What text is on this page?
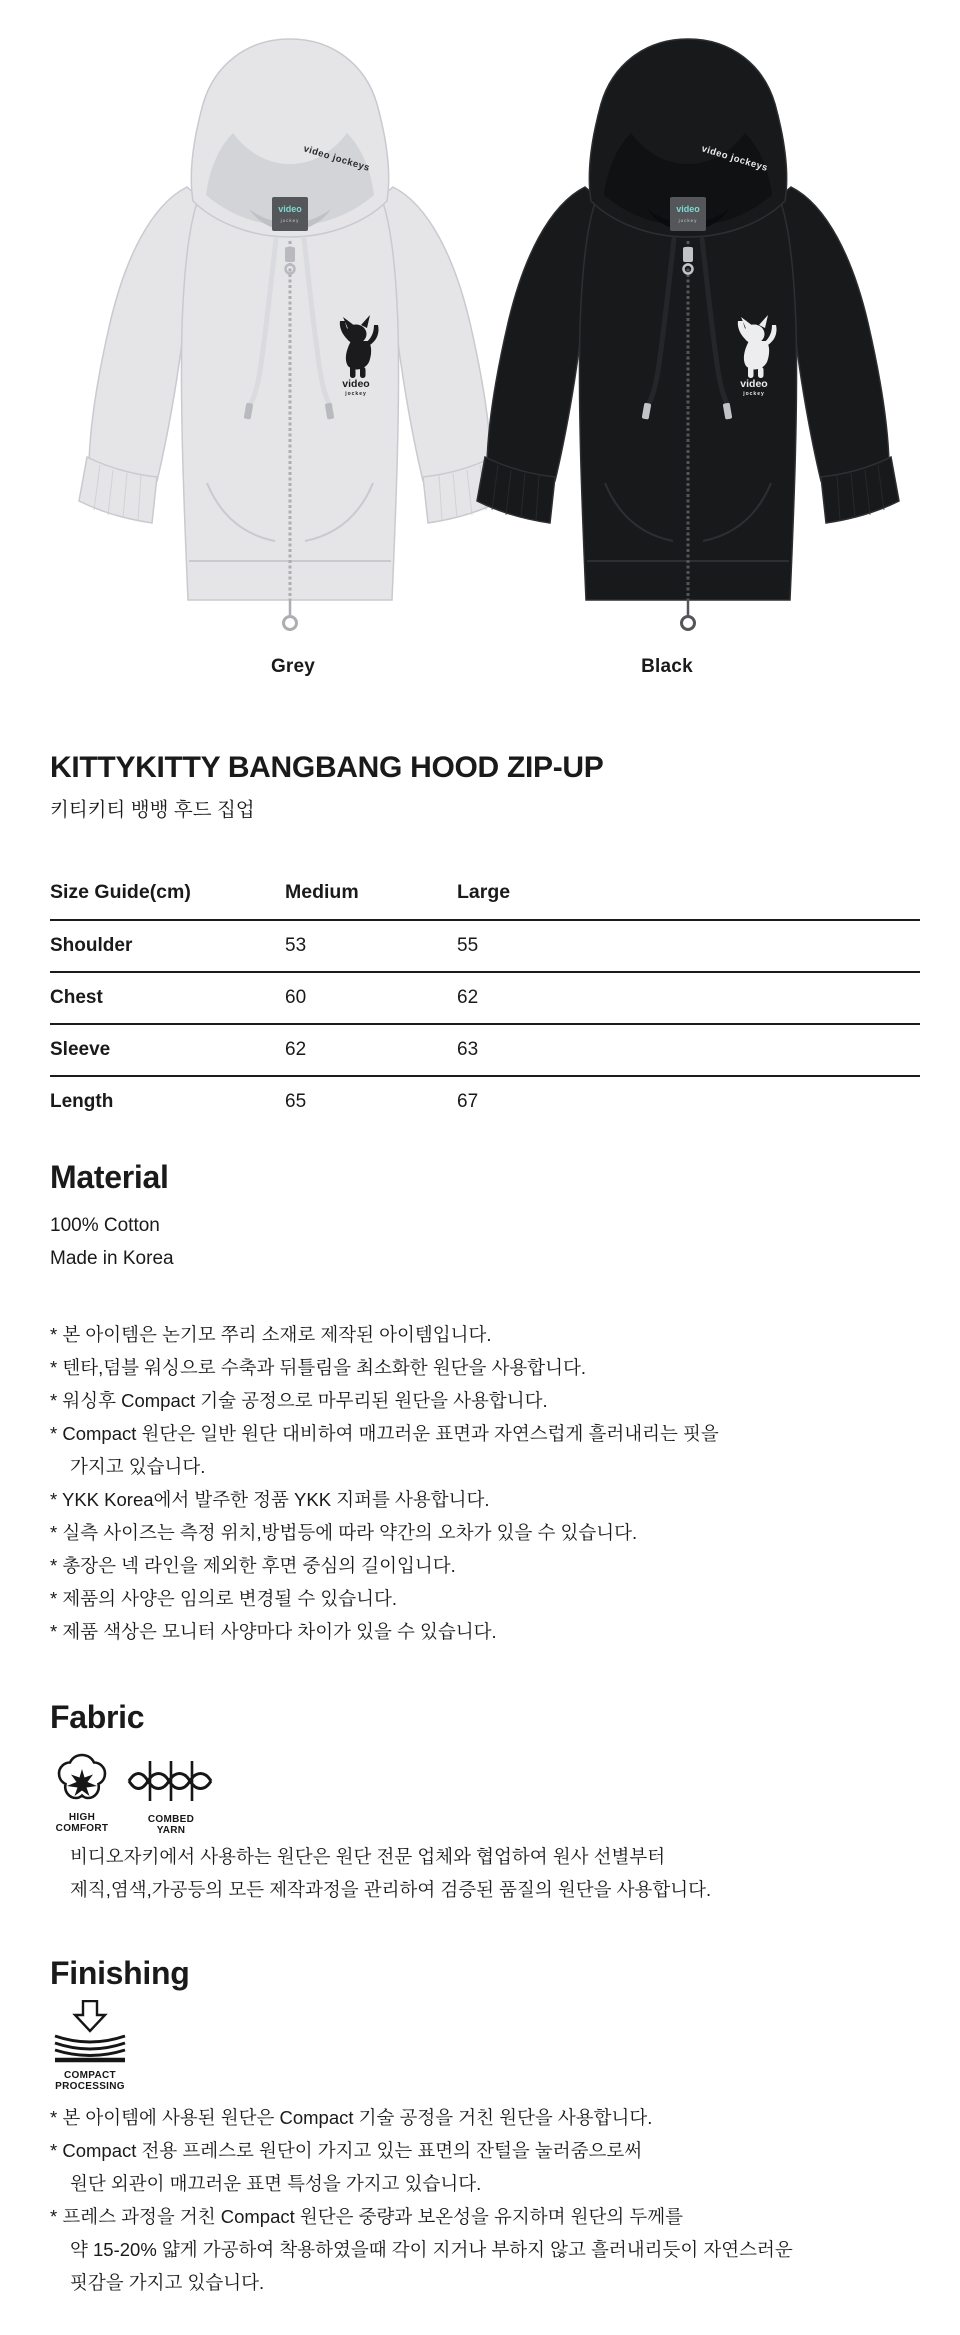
Grey	Black
KITTYKITTY BANGBANG HOOD ZIP-UP
키티키티 뱅뱅 후드 집업
Size Guide(cm)	Medium	Large
Shoulder	53	55
Chest	60	62
Sleeve	62	63
Length	65	67
Material

100% Cotton

Made in Korea

* 본 아이템은 논기모 쭈리 소재로 제작된 아이템입니다.

* 텐타,덤블 워싱으로 수축과 뒤틀림을 최소화한 원단을 사용합니다.

* 워싱후 Compact 기술 공정으로 마무리된 원단을 사용합니다.

* Compact 원단은 일반 원단 대비하여 매끄러운 표면과 자연스럽게 흘러내리는 핏을

가지고 있습니다.

* YKK Korea에서 발주한 정품 YKK 지퍼를 사용합니다.

* 실측 사이즈는 측정 위치,방법등에 따라 약간의 오차가 있을 수 있습니다.

* 총장은 넥 라인을 제외한 후면 중심의 길이입니다.

* 제품의 사양은 임의로 변경될 수 있습니다.

* 제품 색상은 모니터 사양마다 차이가 있을 수 있습니다.

Fabric
HIGH
COMFORT
COMBED
YARN

비디오자키에서 사용하는 원단은 원단 전문 업체와 협업하여 원사 선별부터

제직,염색,가공등의 모든 제작과정을 관리하여 검증된 품질의 원단을 사용합니다.

Finishing
COMPACT
PROCESSING

* 본 아이템에 사용된 원단은 Compact 기술 공정을 거친 원단을 사용합니다.

* Compact 전용 프레스로 원단이 가지고 있는 표면의 잔털을 눌러줌으로써

원단 외관이 매끄러운 표면 특성을 가지고 있습니다.

* 프레스 과정을 거친 Compact 원단은 중량과 보온성을 유지하며 원단의 두께를

약 15-20% 얇게 가공하여 착용하였을때 각이 지거나 부하지 않고 흘러내리듯이 자연스러운

핏감을 가지고 있습니다.
